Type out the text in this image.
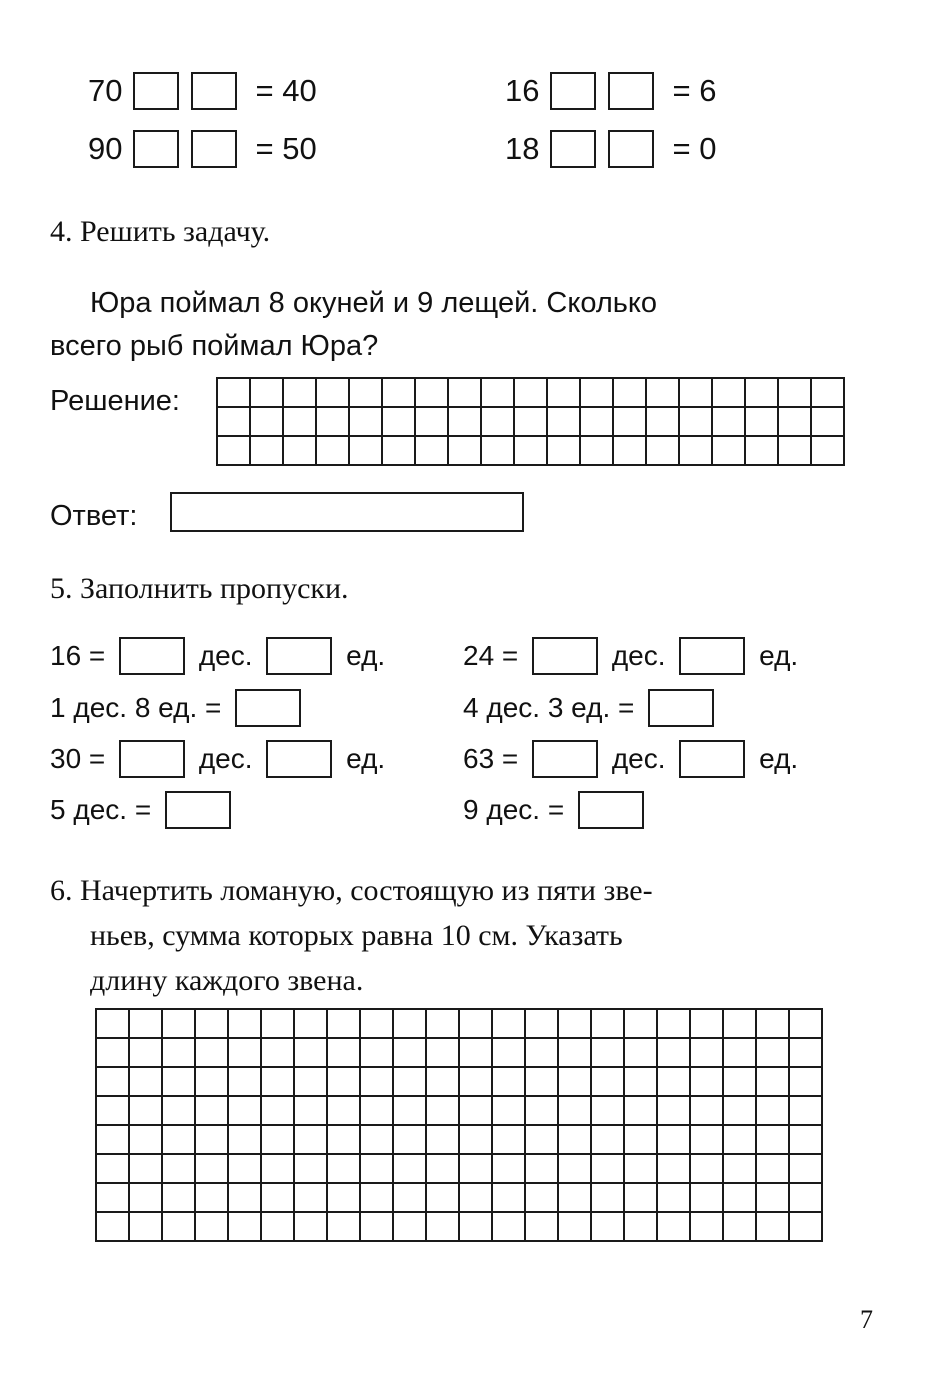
70	= 40	16	= 6
90	= 50	18	= 0
4. Решить задачу.
Юра поймал 8 окуней и 9 лещей. Сколько
всего рыб поймал Юра?
Решение:
Ответ:
5. Заполнить пропуски.
16 =	дес.	ед.	24 =	дес.	ед.
1 дес. 8 ед. =	4 дес. 3 ед. =
30 =	дес.	ед.	63 =	дес.	ед.
5 дес. =	9 дес. =
6. Начертить ломаную, состоящую из пяти зве-
ньев, сумма которых равна 10 см. Указать
длину каждого звена.
7
